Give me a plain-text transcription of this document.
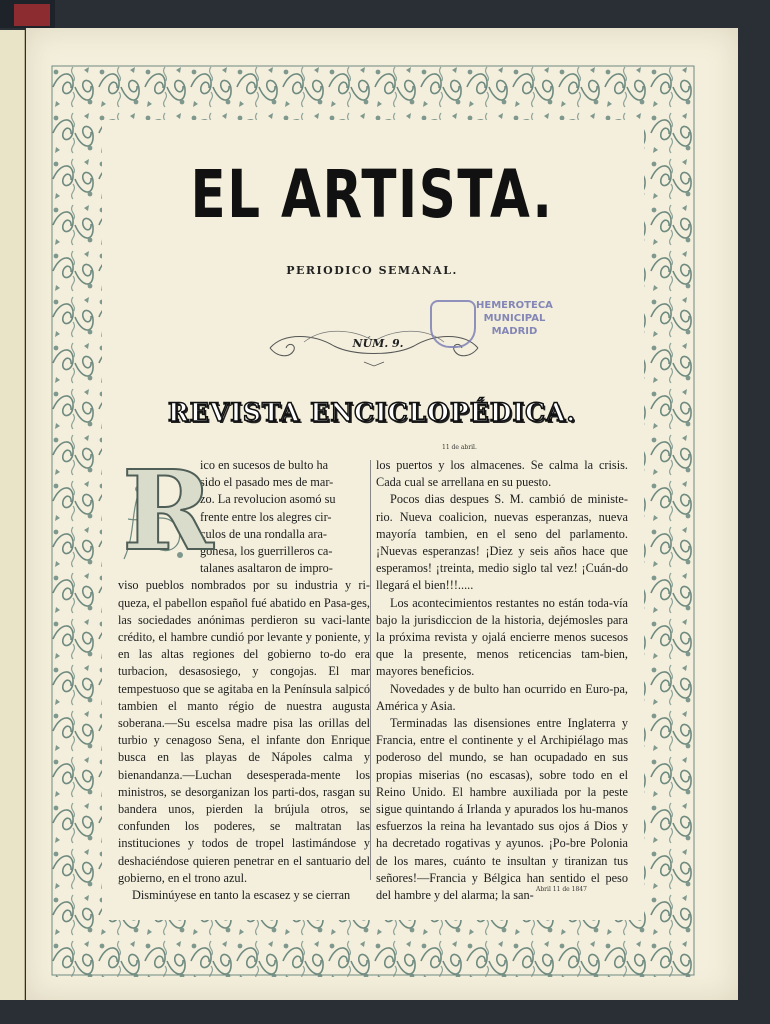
EL ARTISTA.
PERIODICO SEMANAL.
NÚM. 9.
HEMEROTECA
MUNICIPAL
MADRID
REVISTA ENCICLOPÉDICA.
11 de abril.
R

ico en sucesos de bulto ha

sido el pasado mes de mar-

zo. La revolucion asomó su

frente entre los alegres cir-

culos de una rondalla ara-

gonesa, los guerrilleros ca-

talanes asaltaron de impro-

viso pueblos nombrados por su industria y ri-queza, el pabellon español fué abatido en Pasa-ges, las sociedades anónimas perdieron su vaci-lante crédito, el hambre cundió por levante y poniente, y en las altas regiones del gobierno to-do era turbacion, desasosiego, y congojas. El mar tempestuoso que se agitaba en la Península salpicó tambien el manto régio de nuestra augusta soberana.—Su escelsa madre pisa las orillas del turbio y cenagoso Sena, el infante don Enrique busca en las playas de Nápoles calma y bienandanza.—Luchan desesperada-mente los ministros, se desorganizan los parti-dos, rasgan su bandera unos, pierden la brújula otros, se confunden los poderes, se maltratan las instituciones y todos de tropel lastimándose y deshaciéndose quieren penetrar en el santuario del gobierno, en el trono azul.

Disminúyese en tanto la escasez y se cierran

los puertos y los almacenes. Se calma la crisis. Cada cual se arrellana en su puesto.

Pocos dias despues S. M. cambió de ministe-rio. Nueva coalicion, nuevas esperanzas, nueva mayoría tambien, en el seno del parlamento. ¡Nuevas esperanzas! ¡Diez y seis años hace que esperamos! ¡treinta, medio siglo tal vez! ¡Cuán-do llegará el bien!!!.....

Los acontecimientos restantes no están toda-vía bajo la jurisdiccion de la historia, dejémosles para la próxima revista y ojalá encierre menos sucesos que la presente, menos reticencias tam-bien, mayores beneficios.

Novedades y de bulto han ocurrido en Euro-pa, América y Asia.

Terminadas las disensiones entre Inglaterra y Francia, entre el continente y el Archipiélago mas poderoso del mundo, se han ocupadado en sus propias miserias (no escasas), sobre todo en el Reino Unido. El hambre auxiliada por la peste sigue quintando á Irlanda y apurados los hu-manos esfuerzos la reina ha levantado sus ojos á Dios y ha decretado rogativas y ayunos. ¡Po-bre Polonia de los mares, cuánto te insultan y tiranizan tus señores!—Francia y Bélgica han sentido el peso del hambre y del alarma; la san- Abril 11 de 1847
